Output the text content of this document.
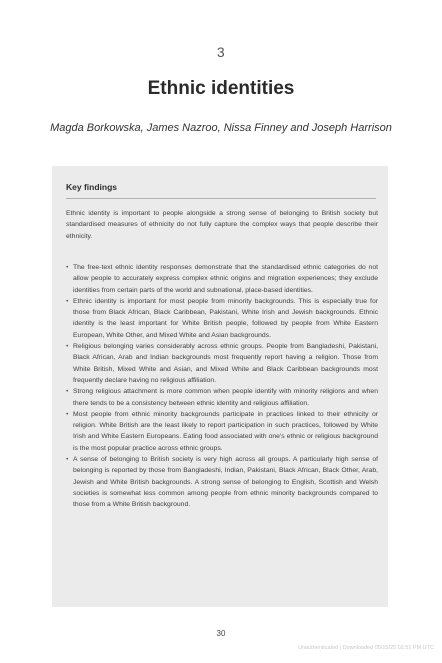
3
Ethnic identities
Magda Borkowska, James Nazroo, Nissa Finney and Joseph Harrison
Key findings
Ethnic identity is important to people alongside a strong sense of belonging to British society but standardised measures of ethnicity do not fully capture the complex ways that people describe their ethnicity.
• The free-text ethnic identity responses demonstrate that the standardised ethnic categories do not allow people to accurately express complex ethnic origins and migration experiences; they exclude identities from certain parts of the world and subnational, place-based identities.
• Ethnic identity is important for most people from minority backgrounds. This is especially true for those from Black African, Black Caribbean, Pakistani, White Irish and Jewish backgrounds. Ethnic identity is the least important for White British people, followed by people from White Eastern European, White Other, and Mixed White and Asian backgrounds.
• Religious belonging varies considerably across ethnic groups. People from Bangladeshi, Pakistani, Black African, Arab and Indian backgrounds most frequently report having a religion. Those from White British, Mixed White and Asian, and Mixed White and Black Caribbean backgrounds most frequently declare having no religious affiliation.
• Strong religious attachment is more common when people identify with minority religions and when there tends to be a consistency between ethnic identity and religious affiliation.
• Most people from ethnic minority backgrounds participate in practices linked to their ethnicity or religion. White British are the least likely to report participation in such practices, followed by White Irish and White Eastern Europeans. Eating food associated with one's ethnic or religious background is the most popular practice across ethnic groups.
• A sense of belonging to British society is very high across all groups. A particularly high sense of belonging is reported by those from Bangladeshi, Indian, Pakistani, Black African, Black Other, Arab, Jewish and White British backgrounds. A strong sense of belonging to English, Scottish and Welsh societies is somewhat less common among people from ethnic minority backgrounds compared to those from a White British background.
30
Unauthenticated | Downloaded 05/15/25 02:51 PM UTC
